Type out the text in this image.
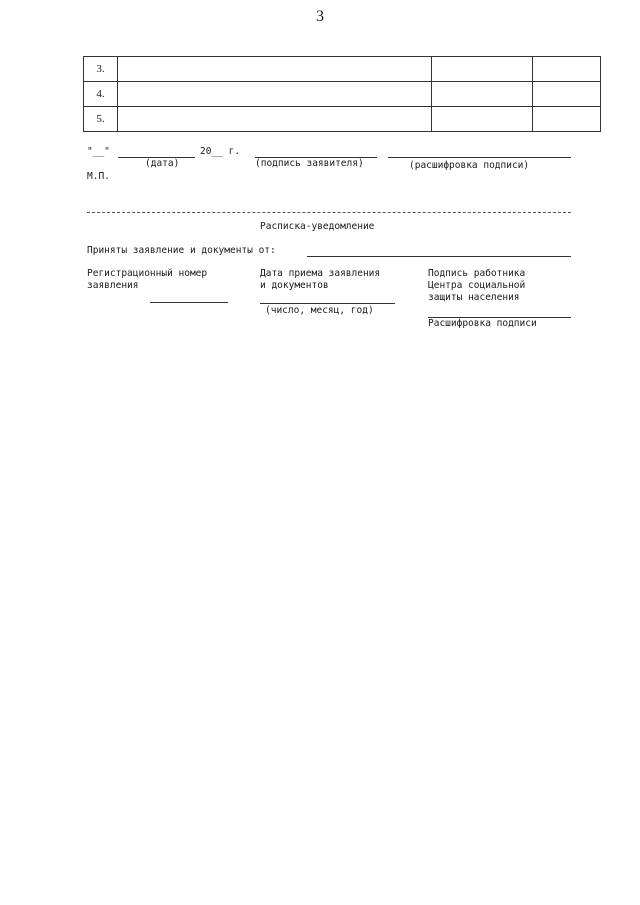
3
3.			
4.			
5.			
"__"	20__ г.
(дата)	(подпись заявителя)	(расшифровка подписи)
М.П.
Расписка-уведомление
Приняты заявление и документы от:
Регистрационный номер
заявления
Дата приема заявления
и документов
(число, месяц, год)
Подпись работника
Центра социальной
защиты населения
Расшифровка подписи
